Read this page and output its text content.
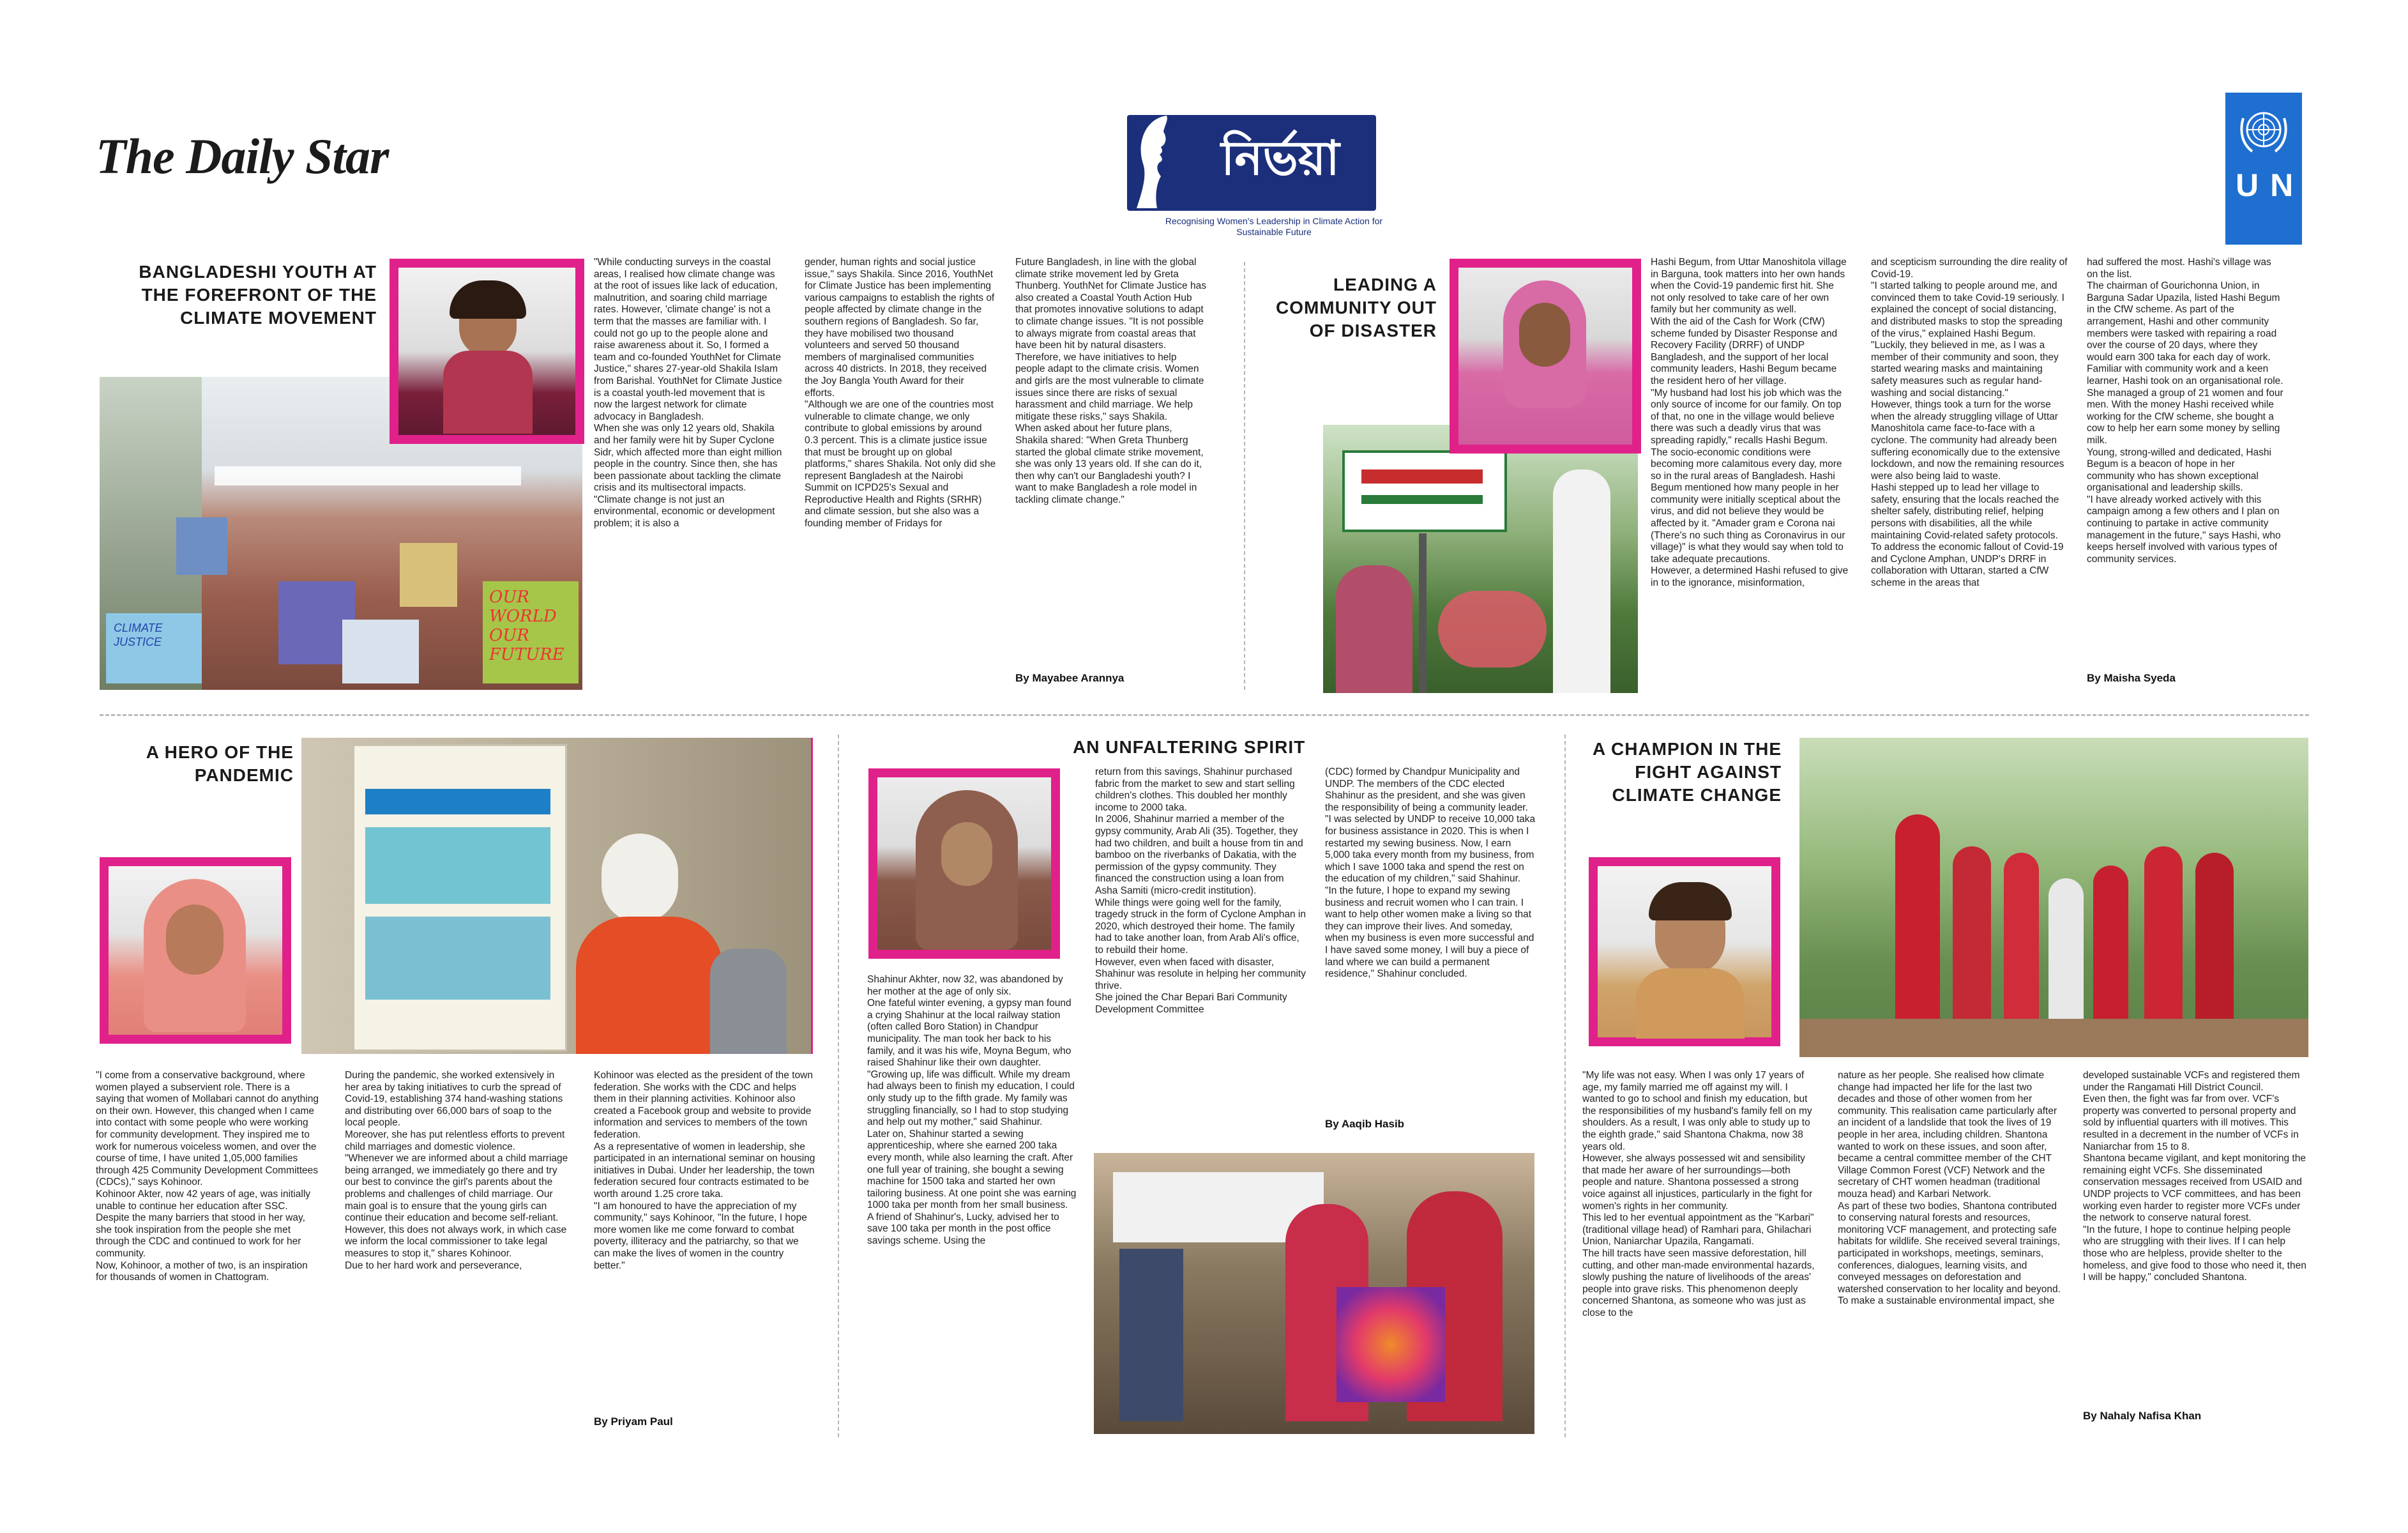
The Daily Star	নির্ভয়া
Recognising Women's Leadership in Climate Action for Sustainable Future
UNDP
BANGLADESHI YOUTH AT THE FOREFRONT OF THE CLIMATE MOVEMENT
OUR WORLD OUR FUTURE
CLIMATE JUSTICE
"While conducting surveys in the coastal areas, I realised how climate change was at the root of issues like lack of education, malnutrition, and soaring child marriage rates. However, 'climate change' is not a term that the masses are familiar with. I could not go up to the people alone and raise awareness about it. So, I formed a team and co-founded YouthNet for Climate Justice," shares 27-year-old Shakila Islam from Barishal. YouthNet for Climate Justice is a coastal youth-led movement that is now the largest network for climate advocacy in Bangladesh.
When she was only 12 years old, Shakila and her family were hit by Super Cyclone Sidr, which affected more than eight million people in the country. Since then, she has been passionate about tackling the climate crisis and its multisectoral impacts.
"Climate change is not just an environmental, economic or development problem; it is also a
gender, human rights and social justice issue," says Shakila. Since 2016, YouthNet for Climate Justice has been implementing various campaigns to establish the rights of people affected by climate change in the southern regions of Bangladesh. So far, they have mobilised two thousand volunteers and served 50 thousand members of marginalised communities across 40 districts. In 2018, they received the Joy Bangla Youth Award for their efforts.
"Although we are one of the countries most vulnerable to climate change, we only contribute to global emissions by around 0.3 percent. This is a climate justice issue that must be brought up on global platforms," shares Shakila. Not only did she represent Bangladesh at the Nairobi Summit on ICPD25's Sexual and Reproductive Health and Rights (SRHR) and climate session, but she also was a founding member of Fridays for
Future Bangladesh, in line with the global climate strike movement led by Greta Thunberg. YouthNet for Climate Justice has also created a Coastal Youth Action Hub that promotes innovative solutions to adapt to climate change issues. "It is not possible to always migrate from coastal areas that have been hit by natural disasters. Therefore, we have initiatives to help people adapt to the climate crisis. Women and girls are the most vulnerable to climate issues since there are risks of sexual harassment and child marriage. We help mitigate these risks," says Shakila.
When asked about her future plans, Shakila shared: "When Greta Thunberg started the global climate strike movement, she was only 13 years old. If she can do it, then why can't our Bangladeshi youth? I want to make Bangladesh a role model in tackling climate change."
By Mayabee Arannya
LEADING A COMMUNITY OUT OF DISASTER
Hashi Begum, from Uttar Manoshitola village in Barguna, took matters into her own hands when the Covid-19 pandemic first hit. She not only resolved to take care of her own family but her community as well.
With the aid of the Cash for Work (CfW) scheme funded by Disaster Response and Recovery Facility (DRRF) of UNDP Bangladesh, and the support of her local community leaders, Hashi Begum became the resident hero of her village.
"My husband had lost his job which was the only source of income for our family. On top of that, no one in the village would believe there was such a deadly virus that was spreading rapidly," recalls Hashi Begum.
The socio-economic conditions were becoming more calamitous every day, more so in the rural areas of Bangladesh. Hashi Begum mentioned how many people in her community were initially sceptical about the virus, and did not believe they would be affected by it. "Amader gram e Corona nai (There's no such thing as Coronavirus in our village)" is what they would say when told to take adequate precautions.
However, a determined Hashi refused to give in to the ignorance, misinformation,
and scepticism surrounding the dire reality of Covid-19.
"I started talking to people around me, and convinced them to take Covid-19 seriously. I explained the concept of social distancing, and distributed masks to stop the spreading of the virus," explained Hashi Begum. "Luckily, they believed in me, as I was a member of their community and soon, they started wearing masks and maintaining safety measures such as regular hand-washing and social distancing."
However, things took a turn for the worse when the already struggling village of Uttar Manoshitola came face-to-face with a cyclone. The community had already been suffering economically due to the extensive lockdown, and now the remaining resources were also being laid to waste.
Hashi stepped up to lead her village to safety, ensuring that the locals reached the shelter safely, distributing relief, helping persons with disabilities, all the while maintaining Covid-related safety protocols.
To address the economic fallout of Covid-19 and Cyclone Amphan, UNDP's DRRF in collaboration with Uttaran, started a CfW scheme in the areas that
had suffered the most. Hashi's village was on the list.
The chairman of Gourichonna Union, in Barguna Sadar Upazila, listed Hashi Begum in the CfW scheme. As part of the arrangement, Hashi and other community members were tasked with repairing a road over the course of 20 days, where they would earn 300 taka for each day of work.
Familiar with community work and a keen learner, Hashi took on an organisational role. She managed a group of 21 women and four men. With the money Hashi received while working for the CfW scheme, she bought a cow to help her earn some money by selling milk.
Young, strong-willed and dedicated, Hashi Begum is a beacon of hope in her community who has shown exceptional organisational and leadership skills.
"I have already worked actively with this campaign among a few others and I plan on continuing to partake in active community management in the future," says Hashi, who keeps herself involved with various types of community services.
By Maisha Syeda
A HERO OF THE PANDEMIC
"I come from a conservative background, where women played a subservient role. There is a saying that women of Mollabari cannot do anything on their own. However, this changed when I came into contact with some people who were working for community development. They inspired me to work for numerous voiceless women, and over the course of time, I have united 1,05,000 families through 425 Community Development Committees (CDCs)," says Kohinoor.
Kohinoor Akter, now 42 years of age, was initially unable to continue her education after SSC. Despite the many barriers that stood in her way, she took inspiration from the people she met through the CDC and continued to work for her community.
Now, Kohinoor, a mother of two, is an inspiration for thousands of women in Chattogram.
During the pandemic, she worked extensively in her area by taking initiatives to curb the spread of Covid-19, establishing 374 hand-washing stations and distributing over 66,000 bars of soap to the local people.
Moreover, she has put relentless efforts to prevent child marriages and domestic violence.
"Whenever we are informed about a child marriage being arranged, we immediately go there and try our best to convince the girl's parents about the problems and challenges of child marriage. Our main goal is to ensure that the young girls can continue their education and become self-reliant. However, this does not always work, in which case we inform the local commissioner to take legal measures to stop it," shares Kohinoor.
Due to her hard work and perseverance,
Kohinoor was elected as the president of the town federation. She works with the CDC and helps them in their planning activities. Kohinoor also created a Facebook group and website to provide information and services to members of the town federation.
As a representative of women in leadership, she participated in an international seminar on housing initiatives in Dubai. Under her leadership, the town federation secured four contracts estimated to be worth around 1.25 crore taka.
"I am honoured to have the appreciation of my community," says Kohinoor, "In the future, I hope more women like me come forward to combat poverty, illiteracy and the patriarchy, so that we can make the lives of women in the country better."
By Priyam Paul
AN UNFALTERING SPIRIT
Shahinur Akhter, now 32, was abandoned by her mother at the age of only six.
One fateful winter evening, a gypsy man found a crying Shahinur at the local railway station (often called Boro Station) in Chandpur municipality. The man took her back to his family, and it was his wife, Moyna Begum, who raised Shahinur like their own daughter.
"Growing up, life was difficult. While my dream had always been to finish my education, I could only study up to the fifth grade. My family was struggling financially, so I had to stop studying and help out my mother," said Shahinur.
Later on, Shahinur started a sewing apprenticeship, where she earned 200 taka every month, while also learning the craft. After one full year of training, she bought a sewing machine for 1500 taka and started her own tailoring business. At one point she was earning 1000 taka per month from her small business.
A friend of Shahinur's, Lucky, advised her to save 100 taka per month in the post office savings scheme. Using the
return from this savings, Shahinur purchased fabric from the market to sew and start selling children's clothes. This doubled her monthly income to 2000 taka.
In 2006, Shahinur married a member of the gypsy community, Arab Ali (35). Together, they had two children, and built a house from tin and bamboo on the riverbanks of Dakatia, with the permission of the gypsy community. They financed the construction using a loan from Asha Samiti (micro-credit institution).
While things were going well for the family, tragedy struck in the form of Cyclone Amphan in 2020, which destroyed their home. The family had to take another loan, from Arab Ali's office, to rebuild their home.
However, even when faced with disaster, Shahinur was resolute in helping her community thrive.
She joined the Char Bepari Bari Community Development Committee
(CDC) formed by Chandpur Municipality and UNDP. The members of the CDC elected Shahinur as the president, and she was given the responsibility of being a community leader.
"I was selected by UNDP to receive 10,000 taka for business assistance in 2020. This is when I restarted my sewing business. Now, I earn 5,000 taka every month from my business, from which I save 1000 taka and spend the rest on the education of my children," said Shahinur.
"In the future, I hope to expand my sewing business and recruit women who I can train. I want to help other women make a living so that they can improve their lives. And someday, when my business is even more successful and I have saved some money, I will buy a piece of land where we can build a permanent residence," Shahinur concluded.
By Aaqib Hasib
A CHAMPION IN THE FIGHT AGAINST CLIMATE CHANGE
"My life was not easy. When I was only 17 years of age, my family married me off against my will. I wanted to go to school and finish my education, but the responsibilities of my husband's family fell on my shoulders. As a result, I was only able to study up to the eighth grade," said Shantona Chakma, now 38 years old.
However, she always possessed wit and sensibility that made her aware of her surroundings—both people and nature. Shantona possessed a strong voice against all injustices, particularly in the fight for women's rights in her community.
This led to her eventual appointment as the "Karbari" (traditional village head) of Ramhari para, Ghilachari Union, Naniarchar Upazila, Rangamati.
The hill tracts have seen massive deforestation, hill cutting, and other man-made environmental hazards, slowly pushing the nature of livelihoods of the areas' people into grave risks. This phenomenon deeply concerned Shantona, as someone who was just as close to the
nature as her people. She realised how climate change had impacted her life for the last two decades and those of other women from her community. This realisation came particularly after an incident of a landslide that took the lives of 19 people in her area, including children. Shantona wanted to work on these issues, and soon after, became a central committee member of the CHT Village Common Forest (VCF) Network and the secretary of CHT women headman (traditional mouza head) and Karbari Network.
As part of these two bodies, Shantona contributed to conserving natural forests and resources, monitoring VCF management, and protecting safe habitats for wildlife. She received several trainings, participated in workshops, meetings, seminars, conferences, dialogues, learning visits, and conveyed messages on deforestation and watershed conservation to her locality and beyond. To make a sustainable environmental impact, she
developed sustainable VCFs and registered them under the Rangamati Hill District Council.
Even then, the fight was far from over. VCF's property was converted to personal property and sold by influential quarters with ill motives. This resulted in a decrement in the number of VCFs in Naniarchar from 15 to 8.
Shantona became vigilant, and kept monitoring the remaining eight VCFs. She disseminated conservation messages received from USAID and UNDP projects to VCF committees, and has been working even harder to register more VCFs under the network to conserve natural forest.
"In the future, I hope to continue helping people who are struggling with their lives. If I can help those who are helpless, provide shelter to the homeless, and give food to those who need it, then I will be happy," concluded Shantona.
By Nahaly Nafisa Khan
